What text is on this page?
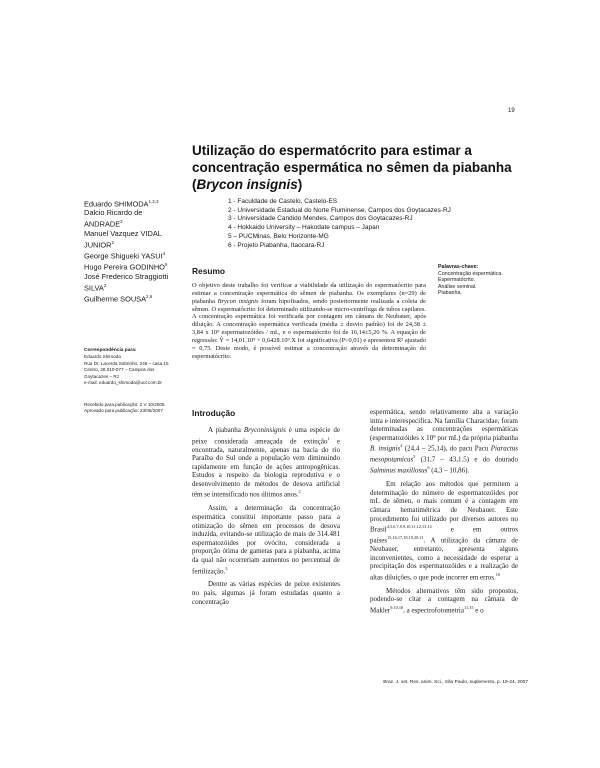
19
Utilização do espermatócrito para estimar a
concentração espermática no sêmen da piabanha
(Brycon insignis)
Eduardo SHIMODA$^{1,2,3}$
Dalcio Ricardo de ANDRADE$^2$
Manuel Vazquez VIDAL JUNIOR$^2$
George Shigueki YASUI$^4$
Hugo Pereira GODINHO$^5$
José Frederico Straggiotti SILVA$^2$
Guilherme SOUSA$^{2,6}$
1 - Faculdade de Castelo, Castelo-ES
2 - Universidade Estadual do Norte Fluminense, Campos dos Goytacazes-RJ
3 - Universidade Candido Mendes, Campos dos Goytacazes-RJ
4 - Hokkaido University – Hakodate campus – Japan
5 – PUCMinas, Belo Horizonte-MG
6 - Projeto Piabanha, Itaocara-RJ
Correspondência para:
Eduardo Shimoda
Rua Dr. Lacerda Sobrinho, 246 – casa 15
Centro, 28.010-077 – Campos dos
Goytacazes – RJ
e-mail: eduardo_shimoda@uol.com.br
Recebido para publicação: 2 V 10/2005
Aprovado para publicação: 23/06/2007
Palavras-chave:
Concentração espermática.
Espermatócrito.
Análise seminal.
Piabanha.
Resumo
O objetivo deste trabalho foi verificar a viabilidade da utilização do espermatócrito para estimar a concentração espermática do sêmen de piabanha. Os exemplares (n=29) de piabanha Brycon insignis foram hipofisados, sendo posteriormente realizada a coleta de sêmen. O espermatócrito foi determinado utilizando-se micro-centrífuga de tubos capilares. A concentração espermática foi verificada por contagem em câmara de Neubauer, após diluição. A concentração espermática verificada (média ± desvio padrão) foi de 24,38 ± 3,84 x 10⁹ espermatozóides / mL, e o espermatócrito foi de 16,14±5,20 %. A equação de regressão: Ŷ = 14,01.10⁹ + 0,6428.10⁹.X foi significativa (P<0,01) e apresentou R² ajustado = 0,75. Deste modo, é possível estimar a concentração através da determinação do espermatócrito.
Introdução

A piabanha Bryconinsignis é uma espécie de peixe considerada ameaçada de extinção$^1$ e encontrada, naturalmente, apenas na bacia do rio Paraíba do Sul onde a população vem diminuindo rapidamente em função de ações antropogênicas. Estudos a respeito da biologia reprodutiva e o desenvolvimento de métodos de desova artificial têm se intensificado nos últimos anos.$^2$

Assim, a determinação da concentração espermática constitui importante passo para a otimização do sêmen em processos de desova induzida, evitando-se utilização de mais de 314.481 espermatozóides por ovócito, considerada a proporção ótima de gametas para a piabanha, acima da qual não ocorreriam aumentos no percentual de fertilização.$^3$

Dentre as várias espécies de peixe existentes no país, algumas já foram estudadas quanto a concentração

espermática, sendo relativamente alta a variação intra e interespecífica. Na família Characidae, foram determinadas as concentrações espermáticas (espermatozóides x 10⁹ por mL) da própria piabanha B. insignis$^4$ (24,4 – 25,14), do pacu Pacu Piaractus mesopotamicus$^5$ (31,7 – 43,1.5) e do dourado Salminus maxillosus$^6$ (4,3 – 10,86).

Em relação aos métodos que permitem a determinação do número de espermatozóides por mL de sêmen, o mais comum é a contagem em câmara hematimétrica de Neubauer. Este procedimento foi utilizado por diversos autores no Brasil$^{4,5,6,7,8,9,10,11,12,13,14}$ e em outros países$^{15,16,17,18,19,20,21}$. A utilização da câmara de Neubauer, entretanto, apresenta alguns inconvenientes, como a necessidade de esperar a precipitação dos espermatozóides e a realização de altas diluições, o que pode incorrer em erros.$^{10}$

Métodos alternativos têm sido propostos, podendo-se citar a contagem na câmara de Makler$^{9,10,18}$, a espectrofotometria$^{11,15}$ e o

Braz. J. vet. Res. anim. Sci., São Paulo, suplemento, p. 19-24, 2007
